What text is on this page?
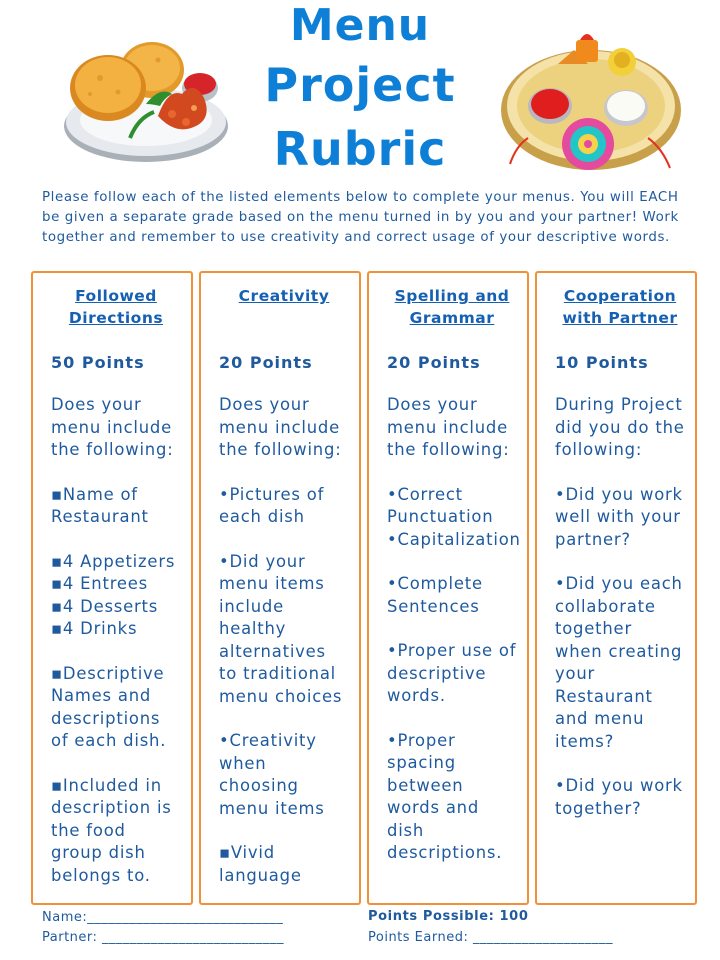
Menu
Project
Rubric
Please follow each of the listed elements below to complete your menus. You will EACH be given a separate grade based on the menu turned in by you and your partner! Work together and remember to use creativity and correct usage of your descriptive words.
Followed
Directions
50 Points

Does your menu include the following:

▪Name of Restaurant

▪4 Appetizers

▪4 Entrees

▪4 Desserts

▪4 Drinks

▪Descriptive Names and descriptions of each dish.

▪Included in description is the food group dish belongs to.

Creativity
20 Points

Does your menu include the following:

•Pictures of each dish

•Did your menu items include healthy alternatives to traditional menu choices

•Creativity when choosing menu items

▪Vivid language

Spelling and
Grammar
20 Points

Does your menu include the following:

•Correct Punctuation

•Capitalization

•Complete Sentences

•Proper use of descriptive words.

•Proper spacing between words and dish descriptions.

Cooperation
with Partner
10 Points

During Project did you do the following:

•Did you work well with your partner?

•Did you each collaborate together when creating your Restaurant and menu items?

•Did you work together?

Name:____________________________	Points Possible: 100
Partner: __________________________	Points Earned: ____________________
